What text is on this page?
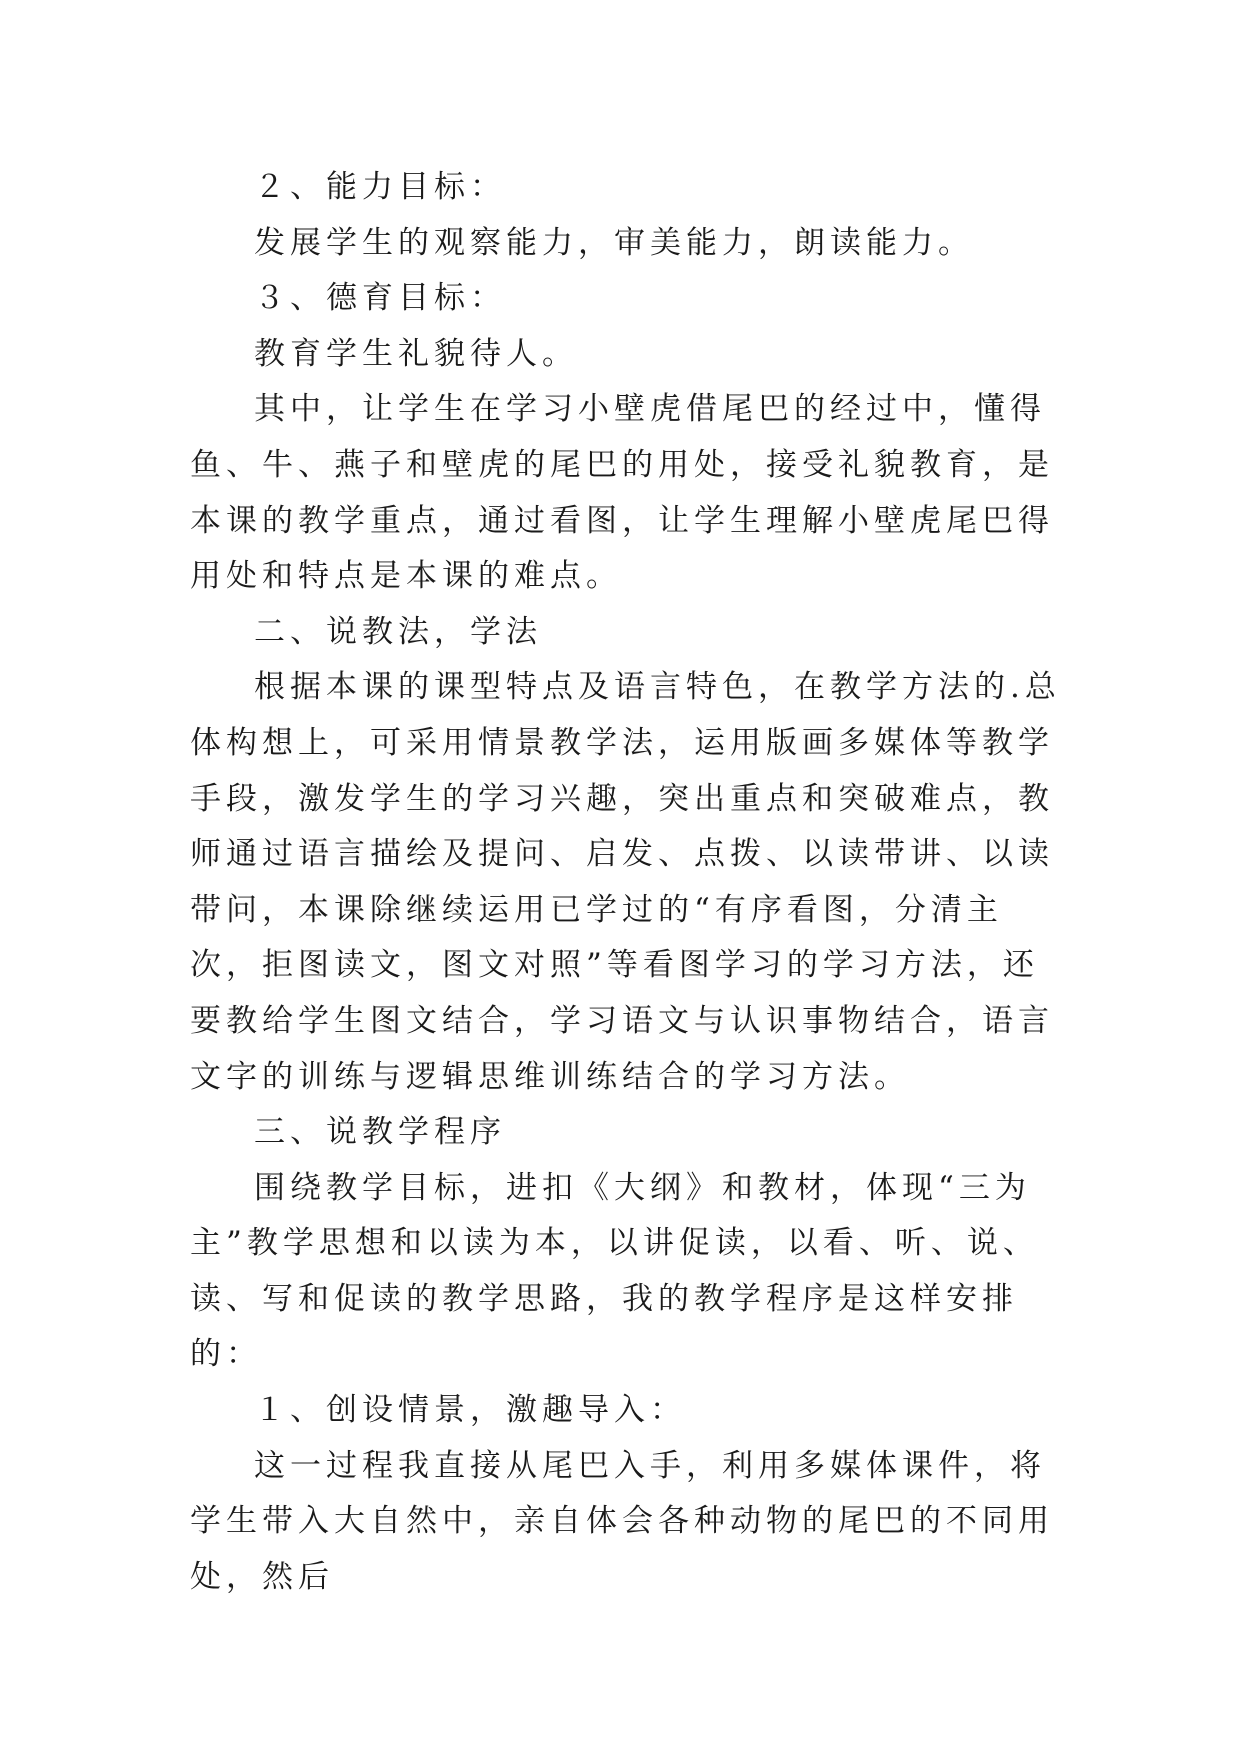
２、能力目标：

发展学生的观察能力，审美能力，朗读能力。

３、德育目标：

教育学生礼貌待人。

其中，让学生在学习小壁虎借尾巴的经过中，懂得鱼、牛、燕子和壁虎的尾巴的用处，接受礼貌教育，是本课的教学重点，通过看图，让学生理解小壁虎尾巴得用处和特点是本课的难点。

二、说教法，学法

根据本课的课型特点及语言特色，在教学方法的.总体构想上，可采用情景教学法，运用版画多媒体等教学手段，激发学生的学习兴趣，突出重点和突破难点，教师通过语言描绘及提问、启发、点拨、以读带讲、以读带问，本课除继续运用已学过的“有序看图，分清主次，拒图读文，图文对照”等看图学习的学习方法，还要教给学生图文结合，学习语文与认识事物结合，语言文字的训练与逻辑思维训练结合的学习方法。

三、说教学程序

围绕教学目标，进扣《大纲》和教材，体现“三为主”教学思想和以读为本，以讲促读，以看、听、说、读、写和促读的教学思路，我的教学程序是这样安排的：

１、创设情景，激趣导入：

这一过程我直接从尾巴入手，利用多媒体课件，将学生带入大自然中，亲自体会各种动物的尾巴的不同用处，然后
